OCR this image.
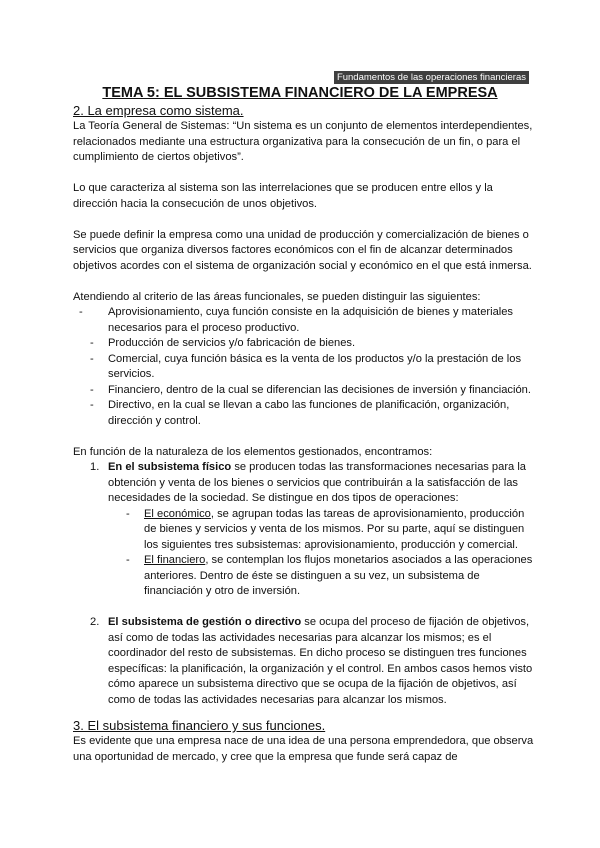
Fundamentos de las operaciones financieras
TEMA 5: EL SUBSISTEMA FINANCIERO DE LA EMPRESA
2. La empresa como sistema.

La Teoría General de Sistemas: “Un sistema es un conjunto de elementos interdependientes, relacionados mediante una estructura organizativa para la consecución de un fin, o para el cumplimiento de ciertos objetivos”.

Lo que caracteriza al sistema son las interrelaciones que se producen entre ellos y la dirección hacia la consecución de unos objetivos.

Se puede definir la empresa como una unidad de producción y comercialización de bienes o servicios que organiza diversos factores económicos con el fin de alcanzar determinados objetivos acordes con el sistema de organización social y económico en el que está inmersa.

Atendiendo al criterio de las áreas funcionales, se pueden distinguir las siguientes:

-	Aprovisionamiento, cuya función consiste en la adquisición de bienes y materiales necesarios para el proceso productivo.
-	Producción de servicios y/o fabricación de bienes.
-	Comercial, cuya función básica es la venta de los productos y/o la prestación de los servicios.
-	Financiero, dentro de la cual se diferencian las decisiones de inversión y financiación.
-	Directivo, en la cual se llevan a cabo las funciones de planificación, organización, dirección y control.

En función de la naturaleza de los elementos gestionados, encontramos:

1. En el subsistema físico se producen todas las transformaciones necesarias para la obtención y venta de los bienes o servicios que contribuirán a la satisfacción de las necesidades de la sociedad. Se distingue en dos tipos de operaciones:
-	El económico, se agrupan todas las tareas de aprovisionamiento, producción de bienes y servicios y venta de los mismos. Por su parte, aquí se distinguen los siguientes tres subsistemas: aprovisionamiento, producción y comercial.
-	El financiero, se contemplan los flujos monetarios asociados a las operaciones anteriores. Dentro de éste se distinguen a su vez, un subsistema de financiación y otro de inversión.
2. El subsistema de gestión o directivo se ocupa del proceso de fijación de objetivos, así como de todas las actividades necesarias para alcanzar los mismos; es el coordinador del resto de subsistemas. En dicho proceso se distinguen tres funciones específicas: la planificación, la organización y el control. En ambos casos hemos visto cómo aparece un subsistema directivo que se ocupa de la fijación de objetivos, así como de todas las actividades necesarias para alcanzar los mismos.
3. El subsistema financiero y sus funciones.

Es evidente que una empresa nace de una idea de una persona emprendedora, que observa una oportunidad de mercado, y cree que la empresa que funde será capaz de
